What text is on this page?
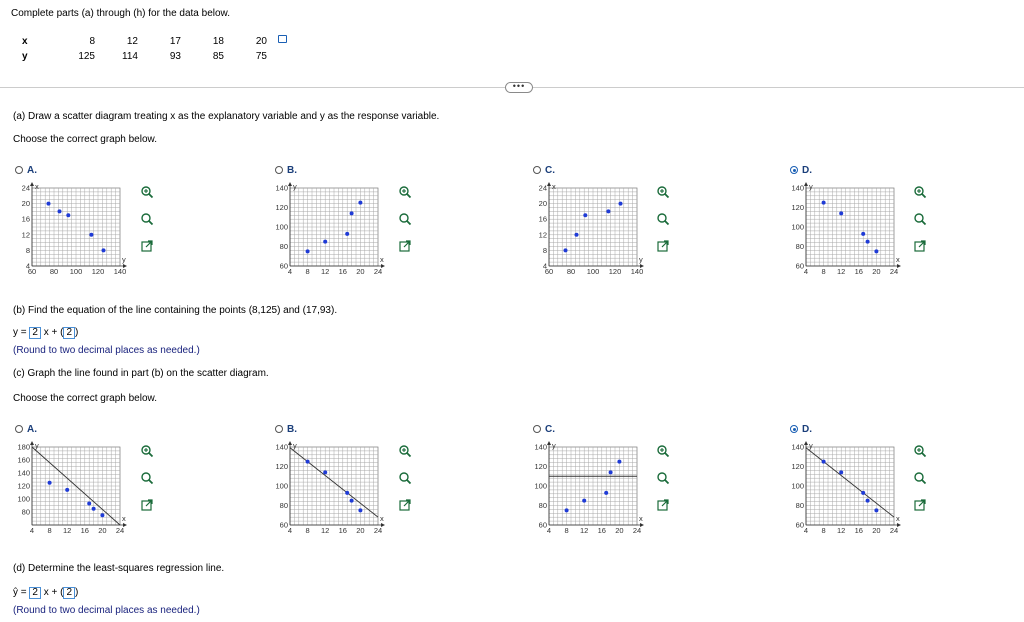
Complete parts (a) through (h) for the data below.
x	8	12	17	18	20
y	125	114	93	85	75
•••
(a) Draw a scatter diagram treating x as the explanatory variable and y as the response variable.
Choose the correct graph below.
A.	B.	C.	D.
y
x
60 80 100 120 140
4
8
12
16
20
24
x
y
4 8 12 16 20 24
60
80
100
120
140
y
x
60 80 100 120 140
4
8
12
16
20
24
x
y
4 8 12 16 20 24
60
80
100
120
140
(b) Find the equation of the line containing the points (8,125) and (17,93).
y = 2 x + ( 2 )
(Round to two decimal places as needed.)
(c) Graph the line found in part (b) on the scatter diagram.
Choose the correct graph below.
A.	B.	C.	D.
x
y
4 8 12 16 20 24
80
100
120
140
160
180
x
y
4 8 12 16 20 24
60
80
100
120
140
x
y
4 8 12 16 20 24
60
80
100
120
140
x
y
4 8 12 16 20 24
60
80
100
120
140
(d) Determine the least-squares regression line.
ŷ = 2 x + ( 2 )
(Round to two decimal places as needed.)
